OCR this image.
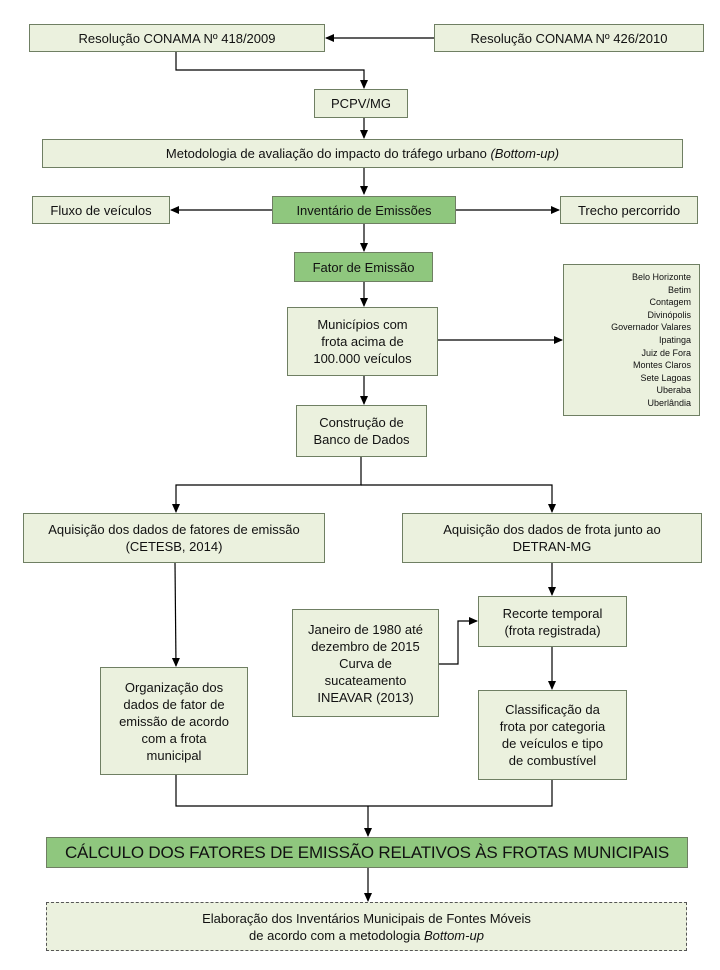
Resolução CONAMA Nº 418/2009	Resolução CONAMA Nº 426/2010
PCPV/MG
Metodologia de avaliação do impacto do tráfego urbano (Bottom-up)
Fluxo de veículos	Inventário de Emissões	Trecho percorrido
Fator de Emissão
Municípios com
frota acima de
100.000 veículos
Belo Horizonte
Betim
Contagem
Divinópolis
Governador Valares
Ipatinga
Juiz de Fora
Montes Claros
Sete Lagoas
Uberaba
Uberlândia
Construção de
Banco de Dados
Aquisição dos dados de fatores de emissão
(CETESB, 2014)
Aquisição dos dados de frota junto ao
DETRAN-MG
Recorte temporal
(frota registrada)
Janeiro de 1980 até
dezembro de 2015
Curva de
sucateamento
INEAVAR (2013)
Organização dos
dados de fator de
emissão de acordo
com a frota
municipal
Classificação da
frota por categoria
de veículos e tipo
de combustível
CÁLCULO DOS FATORES DE EMISSÃO RELATIVOS ÀS FROTAS MUNICIPAIS
Elaboração dos Inventários Municipais de Fontes Móveis
de acordo com a metodologia Bottom-up
